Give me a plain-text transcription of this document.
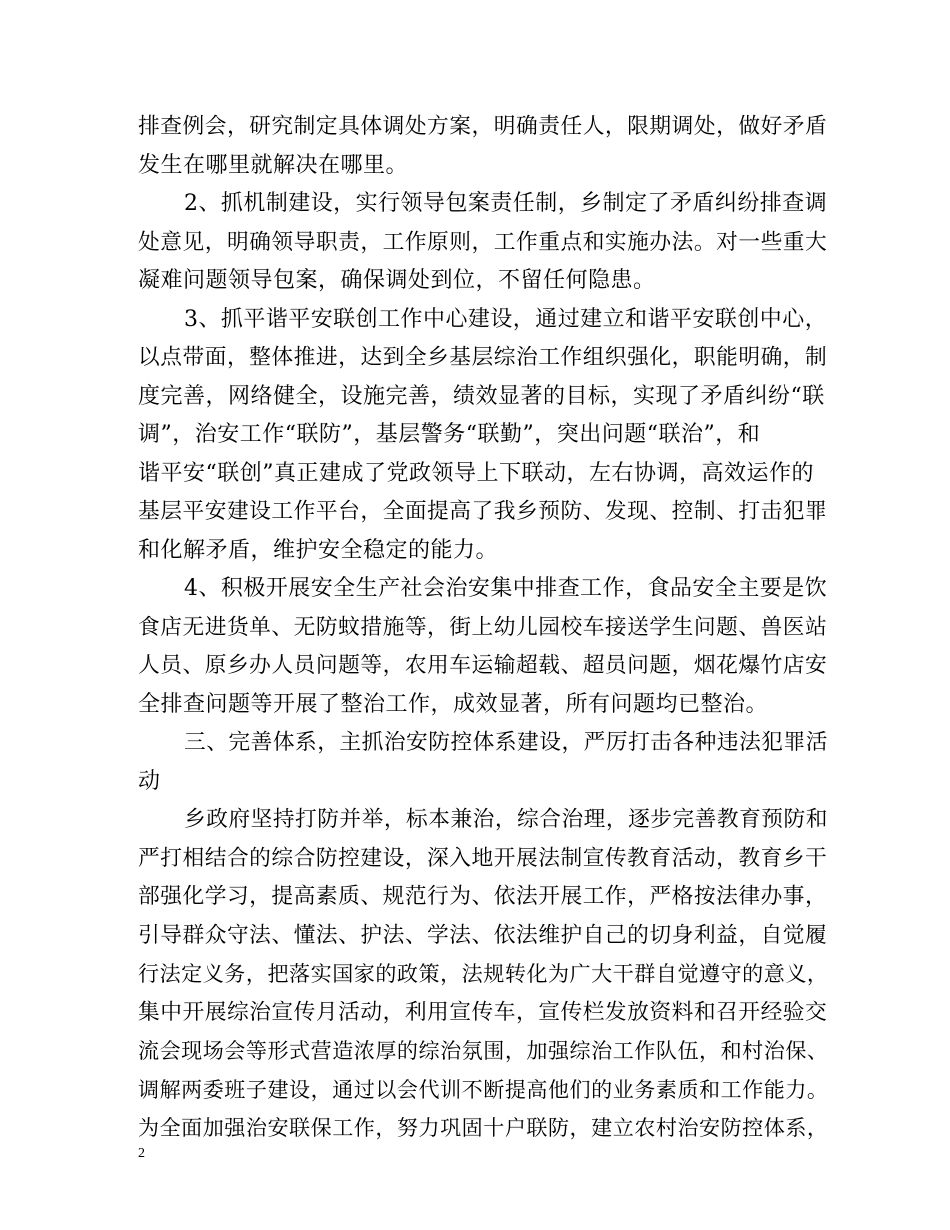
排查例会，研究制定具体调处方案，明确责任人，限期调处，做好矛盾
发生在哪里就解决在哪里。
2、抓机制建设，实行领导包案责任制，乡制定了矛盾纠纷排查调
处意见，明确领导职责，工作原则，工作重点和实施办法。对一些重大
凝难问题领导包案，确保调处到位，不留任何隐患。
3、抓平谐平安联创工作中心建设，通过建立和谐平安联创中心，
以点带面，整体推进，达到全乡基层综治工作组织强化，职能明确，制
度完善，网络健全，设施完善，绩效显著的目标，实现了矛盾纠纷“联
调”，治安工作“联防”，基层警务“联勤”，突出问题“联治”，和
谐平安“联创”真正建成了党政领导上下联动，左右协调，高效运作的
基层平安建设工作平台，全面提高了我乡预防、发现、控制、打击犯罪
和化解矛盾，维护安全稳定的能力。
4、积极开展安全生产社会治安集中排查工作，食品安全主要是饮
食店无进货单、无防蚊措施等，街上幼儿园校车接送学生问题、兽医站
人员、原乡办人员问题等，农用车运输超载、超员问题，烟花爆竹店安
全排查问题等开展了整治工作，成效显著，所有问题均已整治。
三、完善体系，主抓治安防控体系建设，严厉打击各种违法犯罪活
动
乡政府坚持打防并举，标本兼治，综合治理，逐步完善教育预防和
严打相结合的综合防控建设，深入地开展法制宣传教育活动，教育乡干
部强化学习，提高素质、规范行为、依法开展工作，严格按法律办事，
引导群众守法、懂法、护法、学法、依法维护自己的切身利益，自觉履
行法定义务，把落实国家的政策，法规转化为广大干群自觉遵守的意义，
集中开展综治宣传月活动，利用宣传车，宣传栏发放资料和召开经验交
流会现场会等形式营造浓厚的综治氛围，加强综治工作队伍，和村治保、
调解两委班子建设，通过以会代训不断提高他们的业务素质和工作能力。
为全面加强治安联保工作，努力巩固十户联防，建立农村治安防控体系，
2
